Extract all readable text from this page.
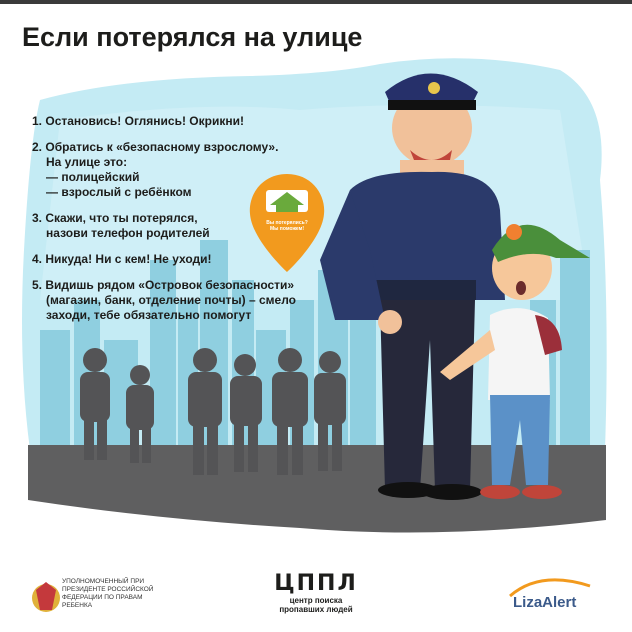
Если потерялся на улице
1. Остановись! Оглянись! Окрикни!
2. Обратись к «безопасному взрослому».
На улице это:
— полицейский
— взрослый с ребёнком
3. Скажи, что ты потерялся,
назови телефон родителей
4. Никуда! Ни с кем! Не уходи!
5. Видишь рядом «Островок безопасности»
(магазин, банк, отделение почты) – смело
заходи, тебе обязательно помогут
Вы потерялись?
Мы поможем!
УПОЛНОМОЧЕННЫЙ ПРИ ПРЕЗИДЕНТЕ РОССИЙСКОЙ ФЕДЕРАЦИИ ПО ПРАВАМ РЕБЕНКА
ЦППЛ
центр поиска
пропавших людей	LizaAlert
